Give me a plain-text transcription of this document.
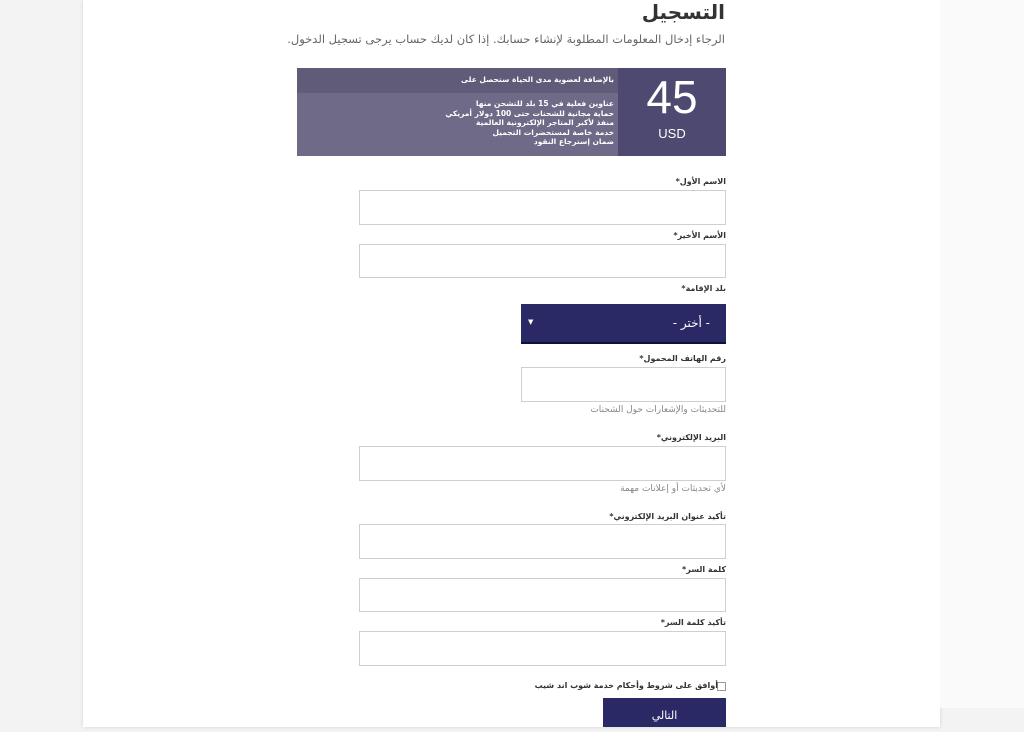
التسجيل
الرجاء إدخال المعلومات المطلوبة لإنشاء حسابك. إذا كان لديك حساب يرجى تسجيل الدخول.
بالإضافة لعضوية مدى الحياة ستحصل على
عناوين فعلية في 15 بلد للتشحن منها
حماية مجانية للشحنات حتى 100 دولار أمريكي
منفذ لأكبر المتاجر الإلكترونية العالمية
خدمة خاصة لمستحضرات التجميل
ضمان إسترجاع النقود
45
USD
الاسم الأول*
الأسم الأخير*
بلد الإقامة*
- أختر -
▼
رقم الهاتف المحمول*
للتحديثات والإشعارات حول الشحنات
البريد الإلكتروني*
لأي تحديثات أو إعلانات مهمة
تأكيد عنوان البريد الإلكتروني*
كلمة السر*
تأكيد كلمة السر*
أوافق على شروط وأحكام خدمة شوب اند شيب
التالي
